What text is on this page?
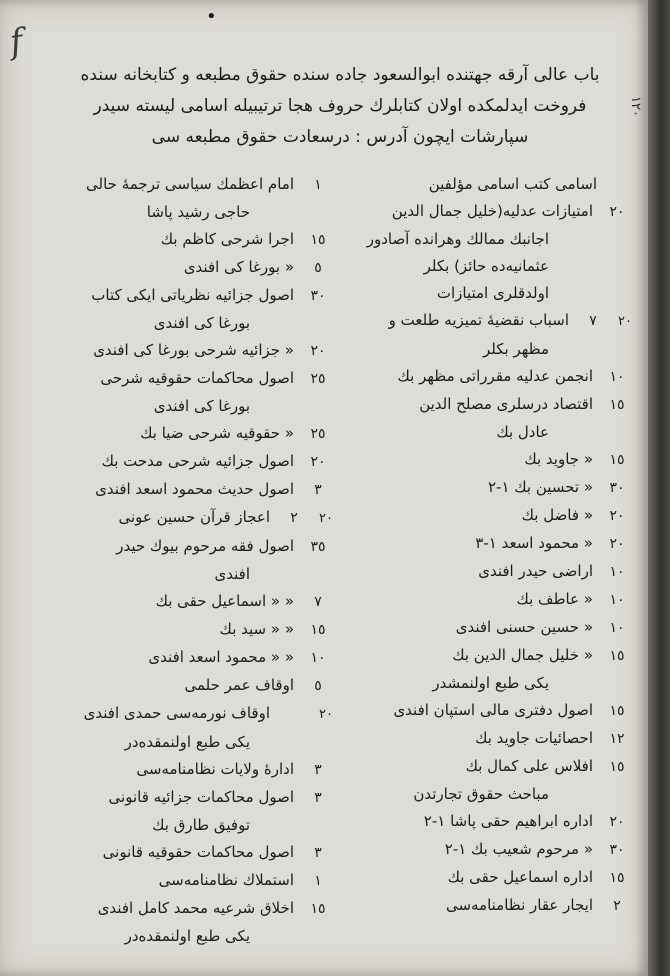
f
•
۱۲۰
باب عالی آرقه جهتنده ابوالسعود جاده سنده حقوق مطبعه و کتابخانه سنده
فروخت ایدلمکده اولان کتابلرك حروف هجا ترتیبیله اسامی لیسته سیدر
سپارشات ایچون آدرس : درسعادت حقوق مطبعه سی
اسامی کتب اسامی مؤلفین
٢٠
امتیازات عدلیه(خلیل جمال الدین
اجانبك ممالك وهرانده آصادور
عثمانیه‌ده حائز) بکلر
اولدقلری امتیازات
٢٠
٧
اسباب نقضیهٔ تمیزیه طلعت و
مظهر بکلر
١٠
انجمن عدلیه مقرراتی مظهر بك
١٥
اقتصاد درسلری مصلح الدین
عادل بك
١٥
« جاوید بك
٣٠
« تحسین بك ١-٢
٢٠
« فاضل بك
٢٠
« محمود اسعد ١-٣
١٠
اراضی حیدر افندی
١٠
« عاطف بك
١٠
« حسین حسنی افندی
١٥
« خلیل جمال الدین بك
یکی طبع اولنمشدر
١٥
اصول دفتری مالی استپان افندی
١٢
احصائیات جاوید بك
١٥
افلاس علی کمال بك
مباحث حقوق تجارتدن
٢٠
اداره ابراهیم حقی پاشا ١-٢
٣٠
« مرحوم شعیب بك ١-٢
١٥
اداره اسماعیل حقی بك
٢
ایجار عقار نظامنامه‌سی
١
امام اعظمك سیاسی ترجمهٔ حالی
حاجی رشید پاشا
١٥
اجرا شرحی کاظم بك
٥
« بورغا کی افندی
٣٠
اصول جزائیه نظریاتی ایکی کتاب
بورغا کی افندی
٢٠
« جزائیه شرحی بورغا کی افندی
٢٥
اصول محاکمات حقوقیه شرحی
بورغا کی افندی
٢٥
« حقوقیه شرحی ضیا بك
٢٠
اصول جزائیه شرحی مدحت بك
٣
اصول حدیث محمود اسعد افندی
٢٠
٢
اعجاز قرآن حسین عونی
٣٥
اصول فقه مرحوم بیوك حیدر
افندی
٧
« « اسماعیل حقی بك
١٥
« « سید بك
١٠
« « محمود اسعد افندی
٥
اوقاف عمر حلمی
٢٠
اوقاف نورمه‌سی حمدی افندی
یکی طبع اولنمقده‌در
٣
ادارهٔ ولایات نظامنامه‌سی
٣
اصول محاکمات جزائیه قانونی
توفیق طارق بك
٣
اصول محاکمات حقوقیه قانونی
١
استملاك نظامنامه‌سی
١٥
اخلاق شرعیه محمد کامل افندی
یکی طبع اولنمقده‌در
